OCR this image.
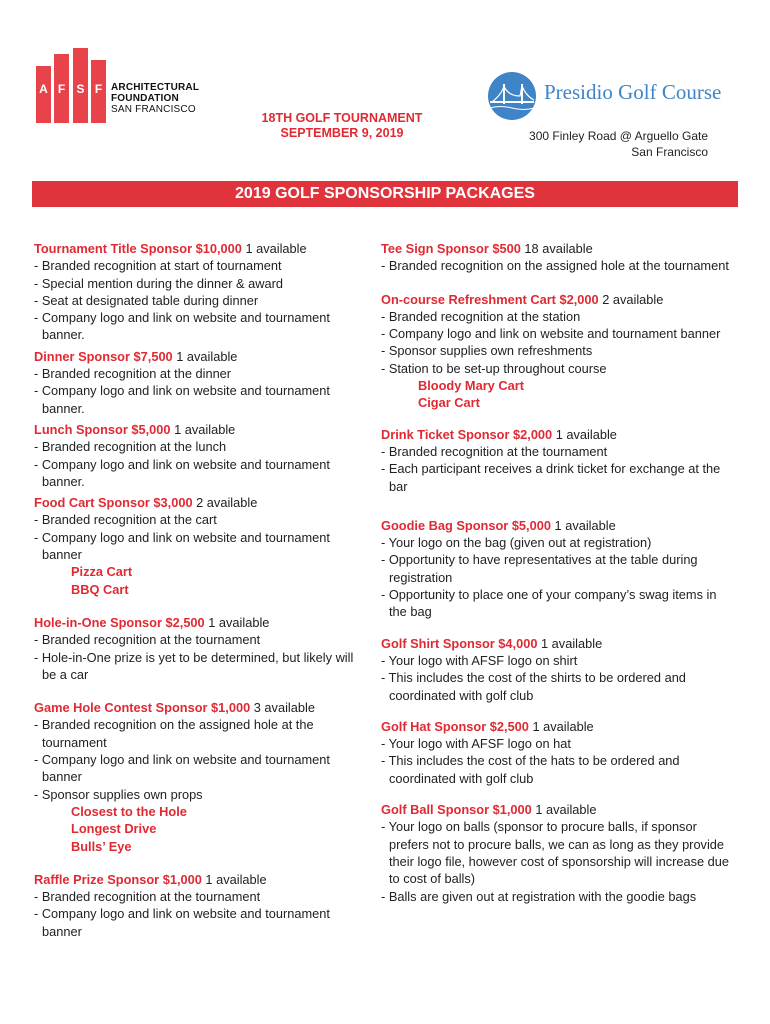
A F S F ARCHITECTURAL
FOUNDATION
SAN FRANCISCO
18TH GOLF TOURNAMENT
SEPTEMBER 9, 2019
Presidio Golf Course
300 Finley Road @ Arguello Gate
San Francisco
2019 GOLF SPONSORSHIP PACKAGES
Tournament Title Sponsor $10,000 1 available
- Branded recognition at start of tournament
- Special mention during the dinner & award
- Seat at designated table during dinner
- Company logo and link on website and tournament banner.
Dinner Sponsor $7,500 1 available
- Branded recognition at the dinner
- Company logo and link on website and tournament banner.
Lunch Sponsor $5,000 1 available
- Branded recognition at the lunch
- Company logo and link on website and tournament banner.
Food Cart Sponsor $3,000 2 available
- Branded recognition at the cart
- Company logo and link on website and tournament banner
Pizza Cart
BBQ Cart
Hole-in-One Sponsor $2,500 1 available
- Branded recognition at the tournament
- Hole-in-One prize is yet to be determined, but likely will be a car
Game Hole Contest Sponsor $1,000 3 available
- Branded recognition on the assigned hole at the tournament
- Company logo and link on website and tournament banner
- Sponsor supplies own props
Closest to the Hole
Longest Drive
Bulls’ Eye
Raffle Prize Sponsor $1,000 1 available
- Branded recognition at the tournament
- Company logo and link on website and tournament banner
Tee Sign Sponsor $500 18 available
- Branded recognition on the assigned hole at the tournament
On-course Refreshment Cart $2,000 2 available
- Branded recognition at the station
- Company logo and link on website and tournament banner
- Sponsor supplies own refreshments
- Station to be set-up throughout course
Bloody Mary Cart
Cigar Cart
Drink Ticket Sponsor $2,000 1 available
- Branded recognition at the tournament
- Each participant receives a drink ticket for exchange at the bar
Goodie Bag Sponsor $5,000 1 available
- Your logo on the bag (given out at registration)
- Opportunity to have representatives at the table during registration
- Opportunity to place one of your company’s swag items in the bag
Golf Shirt Sponsor $4,000 1 available
- Your logo with AFSF logo on shirt
- This includes the cost of the shirts to be ordered and coordinated with golf club
Golf Hat Sponsor $2,500 1 available
- Your logo with AFSF logo on hat
- This includes the cost of the hats to be ordered and coordinated with golf club
Golf Ball Sponsor $1,000 1 available
- Your logo on balls (sponsor to procure balls, if sponsor prefers not to procure balls, we can as long as they provide their logo file, however cost of sponsorship will increase due to cost of balls)
- Balls are given out at registration with the goodie bags
